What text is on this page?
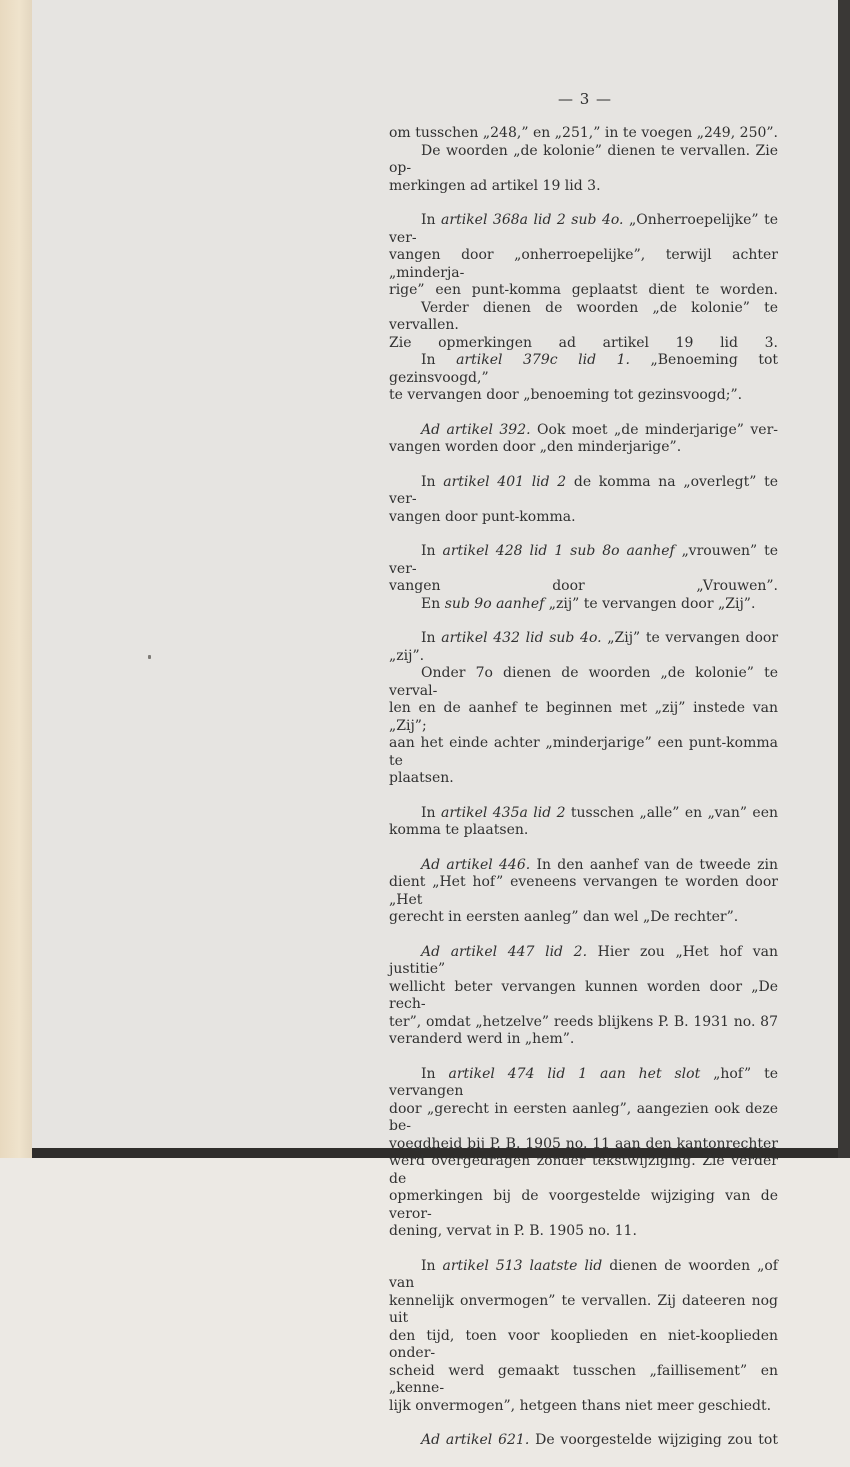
— 3 —

om tusschen „248,” en „251,” in te voegen „249, 250”.
De woorden „de kolonie” dienen te vervallen. Zie op-
merkingen ad artikel 19 lid 3.

In artikel 368a lid 2 sub 4o. „Onherroepelijke” te ver-
vangen door „onherroepelijke”, terwijl achter „minderja-
rige” een punt-komma geplaatst dient te worden.
Verder dienen de woorden „de kolonie” te vervallen.
Zie opmerkingen ad artikel 19 lid 3.
In artikel 379c lid 1. „Benoeming tot gezinsvoogd,”
te vervangen door „benoeming tot gezinsvoogd;”.

Ad artikel 392. Ook moet „de minderjarige” ver-
vangen worden door „den minderjarige”.

In artikel 401 lid 2 de komma na „overlegt” te ver-
vangen door punt-komma.

In artikel 428 lid 1 sub 8o aanhef „vrouwen” te ver-
vangen door „Vrouwen”.
En sub 9o aanhef „zij” te vervangen door „Zij”.

In artikel 432 lid sub 4o. „Zij” te vervangen door „zij”.
Onder 7o dienen de woorden „de kolonie” te verval-
len en de aanhef te beginnen met „zij” instede van „Zij”;
aan het einde achter „minderjarige” een punt-komma te
plaatsen.

In artikel 435a lid 2 tusschen „alle” en „van” een
komma te plaatsen.

Ad artikel 446. In den aanhef van de tweede zin
dient „Het hof” eveneens vervangen te worden door „Het
gerecht in eersten aanleg” dan wel „De rechter”.

Ad artikel 447 lid 2. Hier zou „Het hof van justitie”
wellicht beter vervangen kunnen worden door „De rech-
ter”, omdat „hetzelve” reeds blijkens P. B. 1931 no. 87
veranderd werd in „hem”.

In artikel 474 lid 1 aan het slot „hof” te vervangen
door „gerecht in eersten aanleg”, aangezien ook deze be-
voegdheid bij P. B. 1905 no. 11 aan den kantonrechter
werd overgedragen zonder tekstwijziging. Zie verder de
opmerkingen bij de voorgestelde wijziging van de veror-
dening, vervat in P. B. 1905 no. 11.

In artikel 513 laatste lid dienen de woorden „of van
kennelijk onvermogen” te vervallen. Zij dateeren nog uit
den tijd, toen voor kooplieden en niet-kooplieden onder-
scheid werd gemaakt tusschen „faillisement” en „kenne-
lijk onvermogen”, hetgeen thans niet meer geschiedt.

Ad artikel 621. De voorgestelde wijziging zou tot
